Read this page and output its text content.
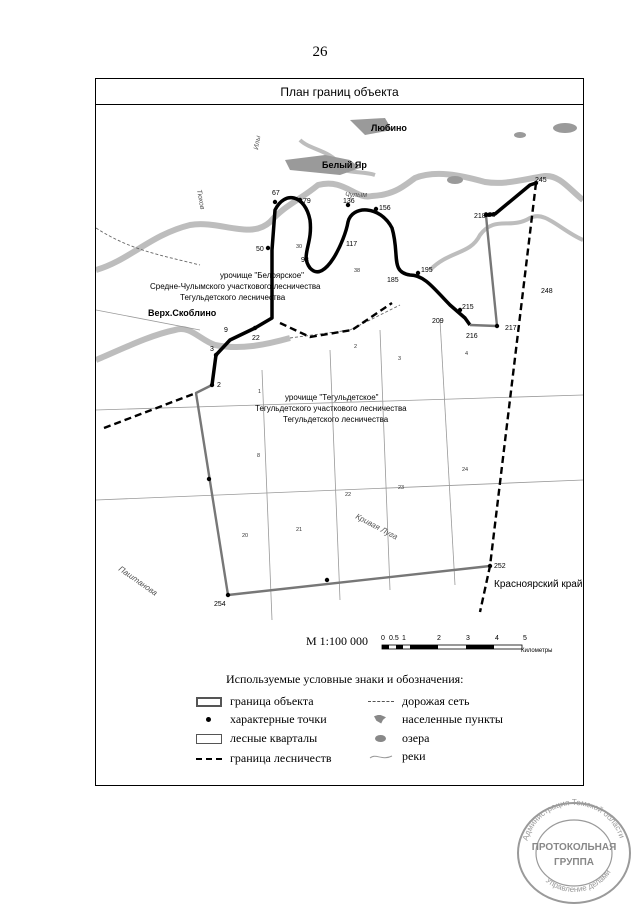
26
План границ объекта
Любино
Белый Яр
Верх.Скоблино
Красноярский край
Чулым
Кривая Луга
Паштанова
Тюхов
Илы
урочище "Белоярское"
Средне-Чулымского участкового лесничества
Тегульдетского лесничества
урочище "Тегульдетское"
Тегульдетского участкового лесничества
Тегульдетского лесничества
67
79	136
156
50
98
117
185
195
218
229
245
248
217
216
215
209
9
3
22
2
254
252
30
38
2
3
4
1
8
22
23
24
20
21
М 1:100 000 0 0.5 1	2	3	4	5
Километры
Используемые условные знаки и обозначения:
граница объекта
характерные точки
лесные кварталы
граница лесничеств
дорожая сеть
населенные пункты
озера
реки
Администрация Томской области
Управление делами
ПРОТОКОЛЬНАЯ
ГРУППА
